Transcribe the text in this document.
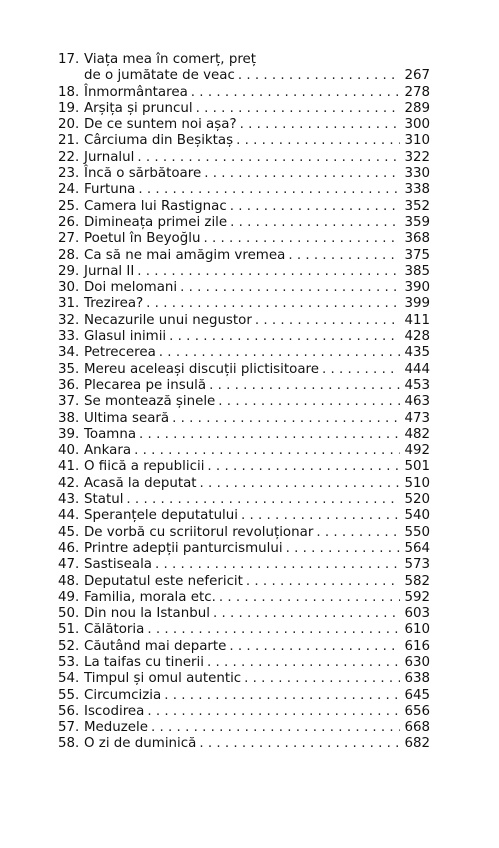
17. Viața mea în comerț, preț
de o jumătate de veac . . .	267
18. Înmormântarea . . .	278
19. Arșița și pruncul . . .	289
20. De ce suntem noi așa? . . .	300
21. Cârciuma din Beșiktaș . . .	310
22. Jurnalul . . .	322
23. Încă o sărbătoare . . .	330
24. Furtuna . . .	338
25. Camera lui Rastignac . . .	352
26. Dimineața primei zile . . .	359
27. Poetul în Beyoğlu . . .	368
28. Ca să ne mai amăgim vremea . . .	375
29. Jurnal II . . .	385
30. Doi melomani . . .	390
31. Trezirea? . . .	399
32. Necazurile unui negustor . . .	411
33. Glasul inimii . . .	428
34. Petrecerea . . .	435
35. Mereu aceleași discuții plictisitoare . . .	444
36. Plecarea pe insulă . . .	453
37. Se montează șinele . . .	463
38. Ultima seară . . .	473
39. Toamna . . .	482
40. Ankara . . .	492
41. O fiică a republicii . . .	501
42. Acasă la deputat . . .	510
43. Statul . . .	520
44. Speranțele deputatului . . .	540
45. De vorbă cu scriitorul revoluționar . . .	550
46. Printre adepții panturcismului . . .	564
47. Sastiseala . . .	573
48. Deputatul este nefericit . . .	582
49. Familia, morala etc. . . .	592
50. Din nou la Istanbul . . .	603
51. Călătoria . . .	610
52. Căutând mai departe . . .	616
53. La taifas cu tinerii . . .	630
54. Timpul și omul autentic . . .	638
55. Circumcizia . . .	645
56. Iscodirea . . .	656
57. Meduzele . . .	668
58. O zi de duminică . . .	682
